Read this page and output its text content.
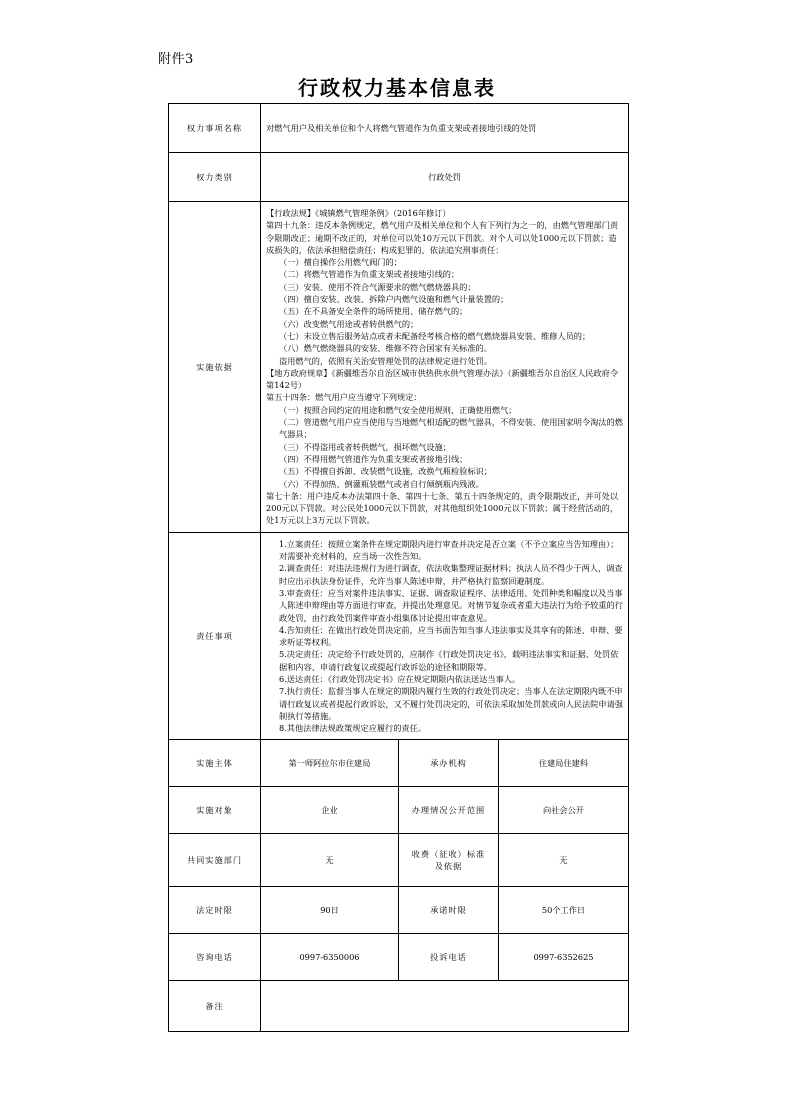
附件3
行政权力基本信息表
权力事项名称	对燃气用户及相关单位和个人将燃气管道作为负重支架或者接地引线的处罚		
权力类别	行政处罚		
实施依据	

【行政法规】《城镇燃气管理条例》（2016年修订）

第四十九条：违反本条例规定，燃气用户及相关单位和个人有下列行为之一的，由燃气管理部门责令限期改正；逾期不改正的，对单位可以处10万元以下罚款。对个人可以处1000元以下罚款；造成损失的，依法承担赔偿责任；构成犯罪的，依法追究刑事责任：

（一）擅自操作公用燃气阀门的；

（二）将燃气管道作为负重支架或者接地引线的；

（三）安装、使用不符合气源要求的燃气燃烧器具的；

（四）擅自安装、改装、拆除户内燃气设施和燃气计量装置的；

（五）在不具备安全条件的场所使用、储存燃气的；

（六）改变燃气用途或者转供燃气的；

（七）未设立售后服务站点或者未配备经考核合格的燃气燃烧器具安装、维修人员的；

（八）燃气燃烧器具的安装、维修不符合国家有关标准的。

盗用燃气的，依照有关治安管理处罚的法律规定进行处罚。

【地方政府规章】《新疆维吾尔自治区城市供热供水供气管理办法》（新疆维吾尔自治区人民政府令第142号）

第五十四条：燃气用户应当遵守下列规定：

（一）按照合同约定的用途和燃气安全使用规则，正确使用燃气；

（二）管道燃气用户应当使用与当地燃气相适配的燃气器具，不得安装、使用国家明令淘汰的燃气器具；

（三）不得盗用或者转供燃气，损坏燃气设施；

（四）不得用燃气管道作为负重支架或者接地引线；

（五）不得擅自拆卸、改装燃气设施，改换气瓶检验标识；

（六）不得加热、倒灌瓶装燃气或者自行倾倒瓶内残液。

第七十条：用户违反本办法第四十条、第四十七条、第五十四条规定的，责令限期改正，并可处以200元以下罚款。对公民处1000元以下罚款，对其他组织处1000元以下罚款；属于经营活动的，处1万元以上3万元以下罚款。

责任事项	

1.立案责任：按照立案条件在规定期限内进行审查并决定是否立案（不予立案应当告知理由）；对需要补充材料的，应当场一次性告知。

2.调查责任：对违法违规行为进行调查，依法收集整理证据材料；执法人员不得少于两人，调查时应出示执法身份证件，允许当事人陈述申辩，并严格执行监察回避制度。

3.审查责任：应当对案件违法事实、证据、调查取证程序、法律适用、处罚种类和幅度以及当事人陈述申辩理由等方面进行审查，并提出处理意见。对情节复杂或者重大违法行为给予较重的行政处罚，由行政处罚案件审查小组集体讨论提出审查意见。

4.告知责任：在做出行政处罚决定前，应当书面告知当事人违法事实及其享有的陈述、申辩、要求听证等权利。

5.决定责任：决定给予行政处罚的，应制作《行政处罚决定书》，载明违法事实和证据、处罚依据和内容、申请行政复议或提起行政诉讼的途径和期限等。

6.送达责任：《行政处罚决定书》应在规定期限内依法送达当事人。

7.执行责任：监督当事人在规定的期限内履行生效的行政处罚决定；当事人在法定期限内既不申请行政复议或者提起行政诉讼，又不履行处罚决定的，可依法采取加处罚款或向人民法院申请强制执行等措施。

8.其他法律法规政策规定应履行的责任。

实施主体	第一师阿拉尔市住建局	承办机构	住建局住建科
实施对象	企业	办理情况公开范围	向社会公开
共同实施部门	无	收费（征收）标准
及依据	无
法定时限	90日	承诺时限	50个工作日
咨询电话	0997-6350006	投诉电话	0997-6352625
备注			
